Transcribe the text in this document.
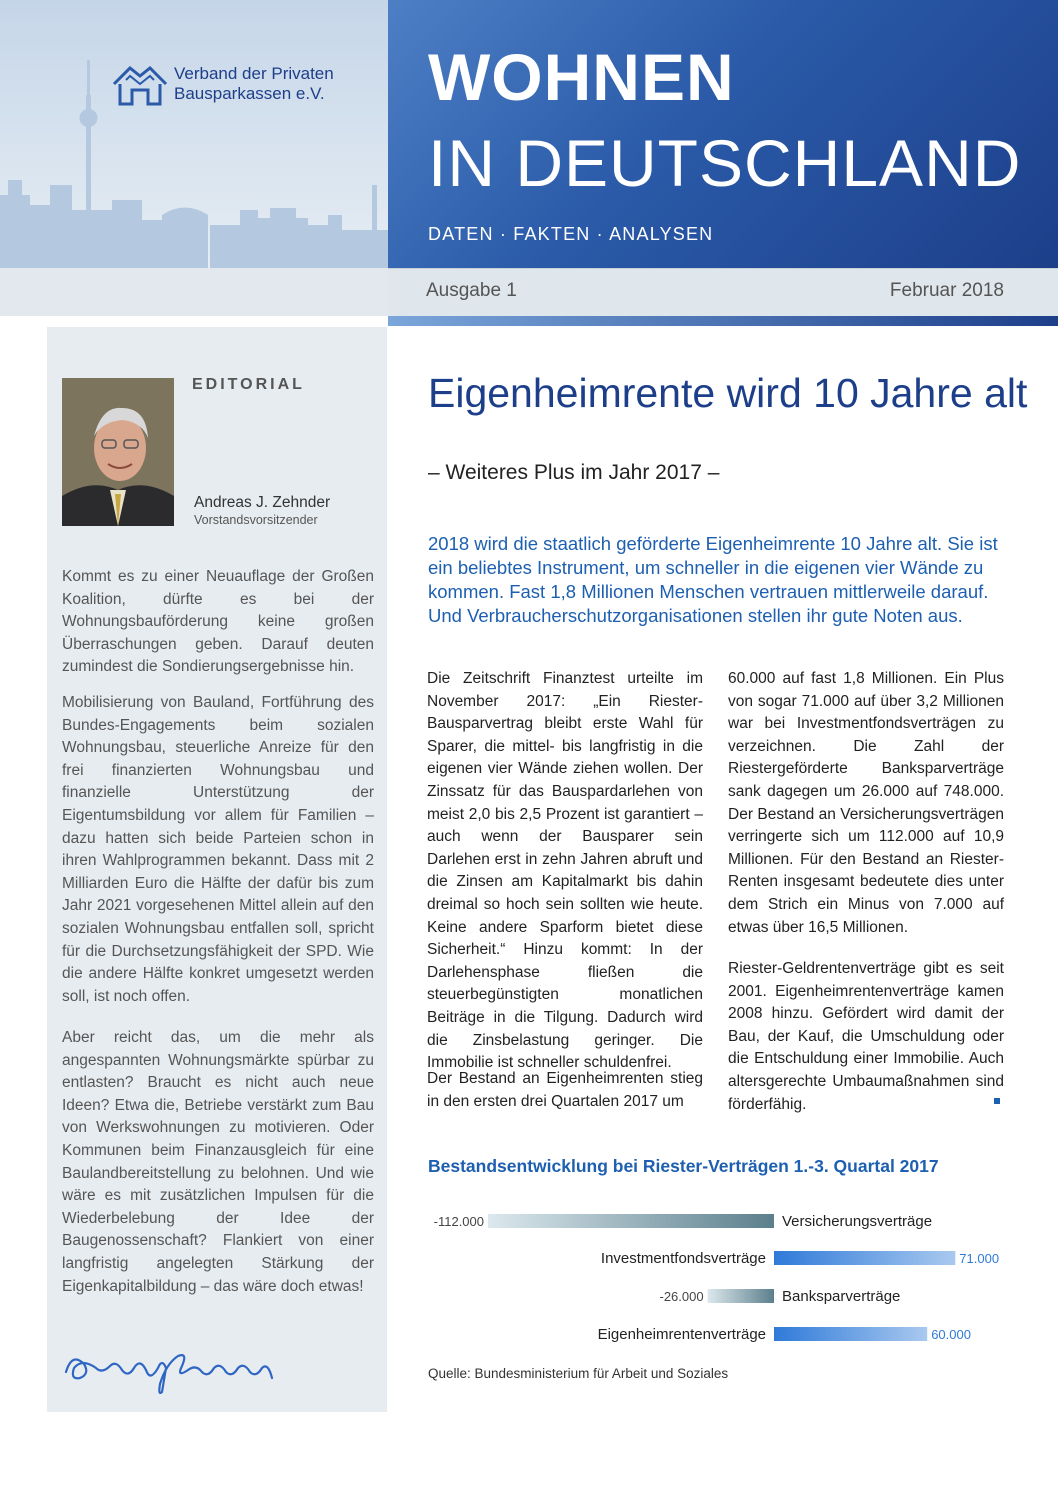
Verband der Privaten
Bausparkassen e.V. WOHNEN
IN DEUTSCHLAND
DATEN · FAKTEN · ANALYSEN
Ausgabe 1	Februar 2018
EDITORIAL
Andreas J. Zehnder
Vorstandsvorsitzender

Kommt es zu einer Neuauflage der Großen Koalition, dürfte es bei der Wohnungsbauförderung keine großen Überraschungen geben. Darauf deuten zumindest die Sondierungsergebnisse hin.

Mobilisierung von Bauland, Fortführung des Bundes-Engagements beim sozialen Wohnungsbau, steuerliche Anreize für den frei finanzierten Wohnungsbau und finanzielle Unterstützung der Eigentumsbildung vor allem für Familien – dazu hatten sich beide Parteien schon in ihren Wahlprogrammen bekannt. Dass mit 2 Milliarden Euro die Hälfte der dafür bis zum Jahr 2021 vorgesehenen Mittel allein auf den sozialen Wohnungsbau entfallen soll, spricht für die Durchsetzungsfähigkeit der SPD. Wie die andere Hälfte konkret umgesetzt werden soll, ist noch offen.

Aber reicht das, um die mehr als angespannten Wohnungsmärkte spürbar zu entlasten? Braucht es nicht auch neue Ideen? Etwa die, Betriebe verstärkt zum Bau von Werkswohnungen zu motivieren. Oder Kommunen beim Finanzausgleich für eine Baulandbereitstellung zu belohnen. Und wie wäre es mit zusätzlichen Impulsen für die Wiederbelebung der Idee der Baugenossenschaft? Flankiert von einer langfristig angelegten Stärkung der Eigenkapitalbildung – das wäre doch etwas!

Eigenheimrente wird 10 Jahre alt
– Weiteres Plus im Jahr 2017 –

2018 wird die staatlich geförderte Eigenheimrente 10 Jahre alt. Sie ist ein beliebtes Instrument, um schneller in die eigenen vier Wände zu kommen. Fast 1,8 Millionen Menschen vertrauen mittlerweile darauf. Und Verbraucherschutzorganisationen stellen ihr gute Noten aus.

Die Zeitschrift Finanztest urteilte im November 2017: „Ein Riester-Bausparvertrag bleibt erste Wahl für Sparer, die mittel- bis langfristig in die eigenen vier Wände ziehen wollen. Der Zinssatz für das Bauspardarlehen von meist 2,0 bis 2,5 Prozent ist garantiert – auch wenn der Bausparer sein Darlehen erst in zehn Jahren abruft und die Zinsen am Kapitalmarkt bis dahin dreimal so hoch sein sollten wie heute. Keine andere Sparform bietet diese Sicherheit.“ Hinzu kommt: In der Darlehensphase fließen die steuerbegünstigten monatlichen Beiträge in die Tilgung. Dadurch wird die Zinsbelastung geringer. Die Immobilie ist schneller schuldenfrei.

Der Bestand an Eigenheimrenten stieg in den ersten drei Quartalen 2017 um

60.000 auf fast 1,8 Millionen. Ein Plus von sogar 71.000 auf über 3,2 Millionen war bei Investmentfondsverträgen zu verzeichnen. Die Zahl der Riestergeförderte Banksparverträge sank dagegen um 26.000 auf 748.000. Der Bestand an Versicherungsverträgen verringerte sich um 112.000 auf 10,9 Millionen. Für den Bestand an Riester-Renten insgesamt bedeutete dies unter dem Strich ein Minus von 7.000 auf etwas über 16,5 Millionen.

Riester-Geldrentenverträge gibt es seit 2001. Eigenheimrentenverträge kamen 2008 hinzu. Gefördert wird damit der Bau, der Kauf, die Umschuldung oder die Entschuldung einer Immobilie. Auch altersgerechte Umbaumaßnahmen sind förderfähig.

Bestandsentwicklung bei Riester-Verträgen 1.-3. Quartal 2017
Versicherungsverträge
-112.000
Investmentfondsverträge	71.000
Banksparverträge
-26.000
Eigenheimrentenverträge	60.000
Quelle: Bundesministerium für Arbeit und Soziales
